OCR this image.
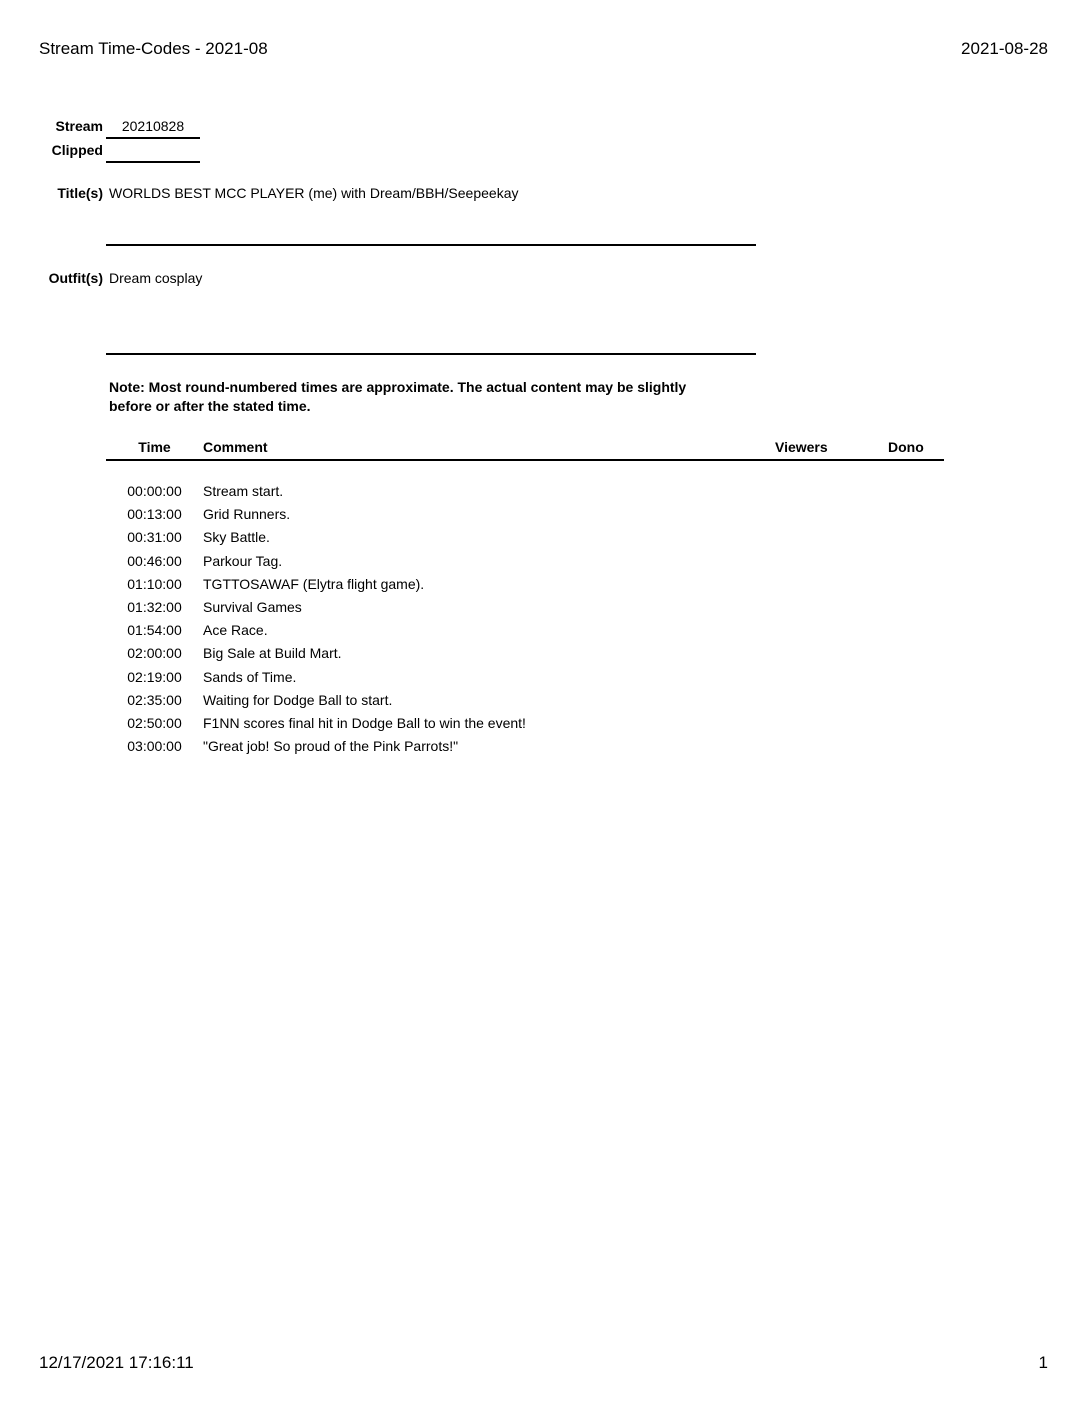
Stream Time-Codes - 2021-08	2021-08-28
Stream	20210828
Clipped
Title(s) WORLDS BEST MCC PLAYER (me) with Dream/BBH/Seepeekay
Outfit(s) Dream cosplay
Note: Most round-numbered times are approximate. The actual content may be slightly
before or after the stated time.
Time	Comment	Viewers	Dono
00:00:00 Stream start.
00:13:00 Grid Runners.
00:31:00 Sky Battle.
00:46:00 Parkour Tag.
01:10:00 TGTTOSAWAF (Elytra flight game).
01:32:00 Survival Games
01:54:00 Ace Race.
02:00:00 Big Sale at Build Mart.
02:19:00 Sands of Time.
02:35:00 Waiting for Dodge Ball to start.
02:50:00 F1NN scores final hit in Dodge Ball to win the event!
03:00:00 "Great job! So proud of the Pink Parrots!"
12/17/2021 17:16:11	1
